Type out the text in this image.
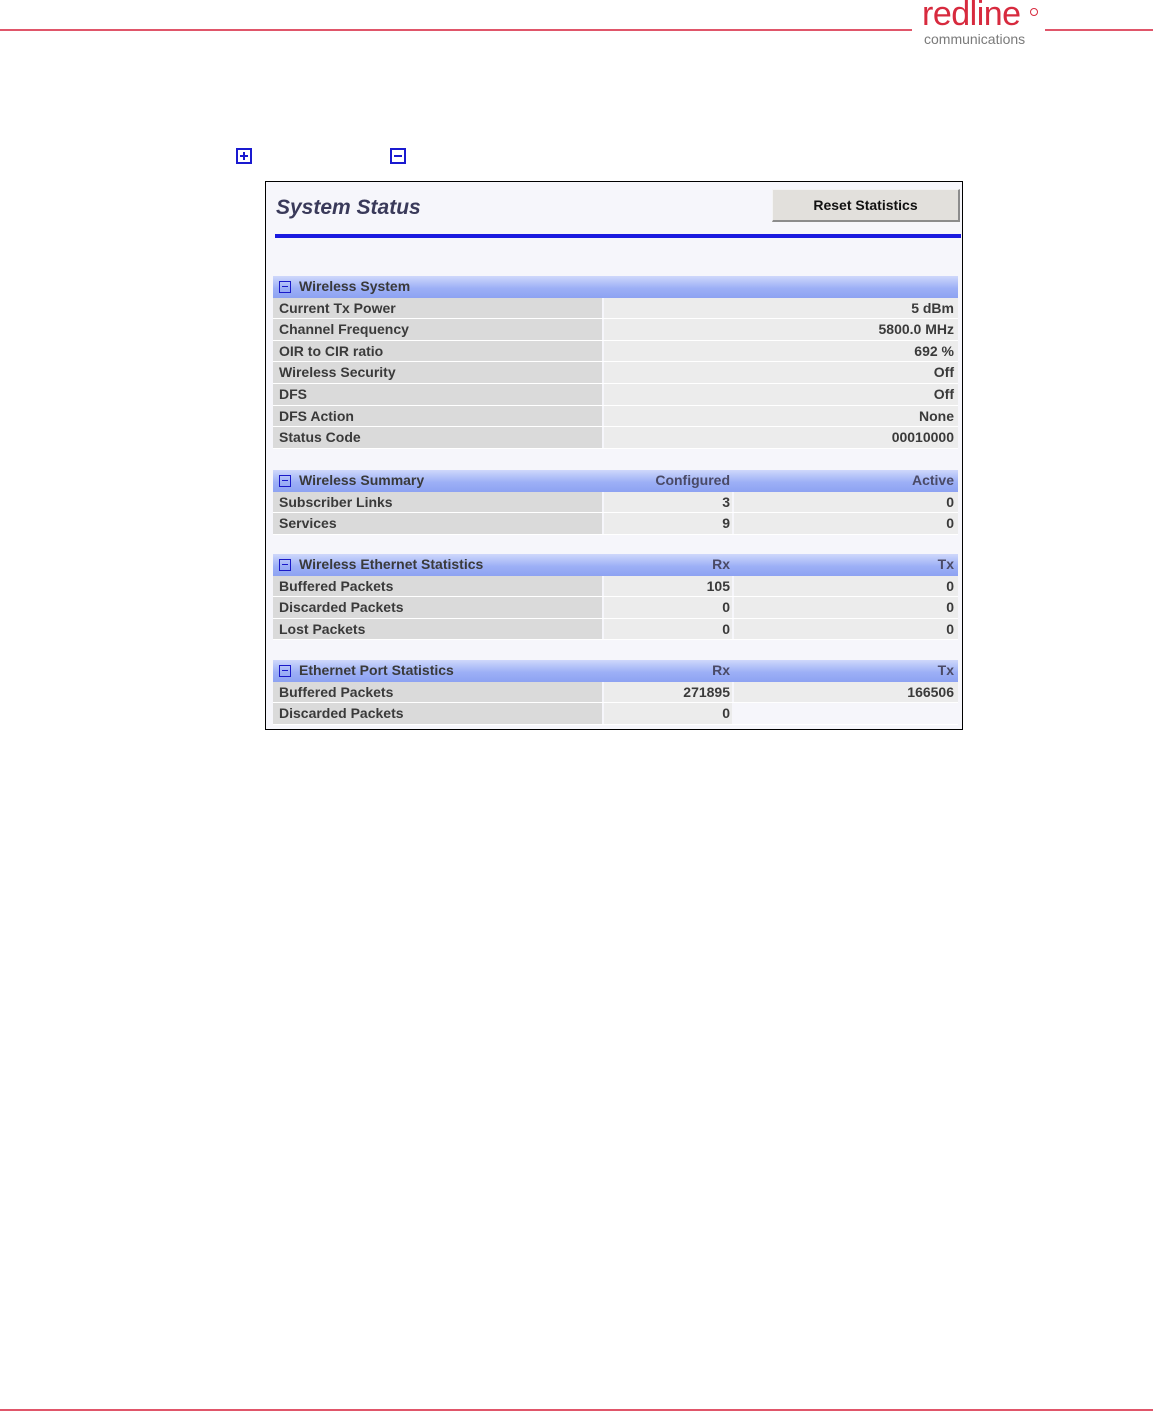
redline
communications
System Status	Reset Statistics
Wireless System
Current Tx Power	5 dBm
Channel Frequency	5800.0 MHz
OIR to CIR ratio	692 %
Wireless Security	Off
DFS	Off
DFS Action	None
Status Code	00010000
Wireless Summary	Configured	Active
Subscriber Links	3	0
Services	9	0
Wireless Ethernet Statistics	Rx	Tx
Buffered Packets	105	0
Discarded Packets	0	0
Lost Packets	0	0
Ethernet Port Statistics	Rx	Tx
Buffered Packets	271895	166506
Discarded Packets	0
